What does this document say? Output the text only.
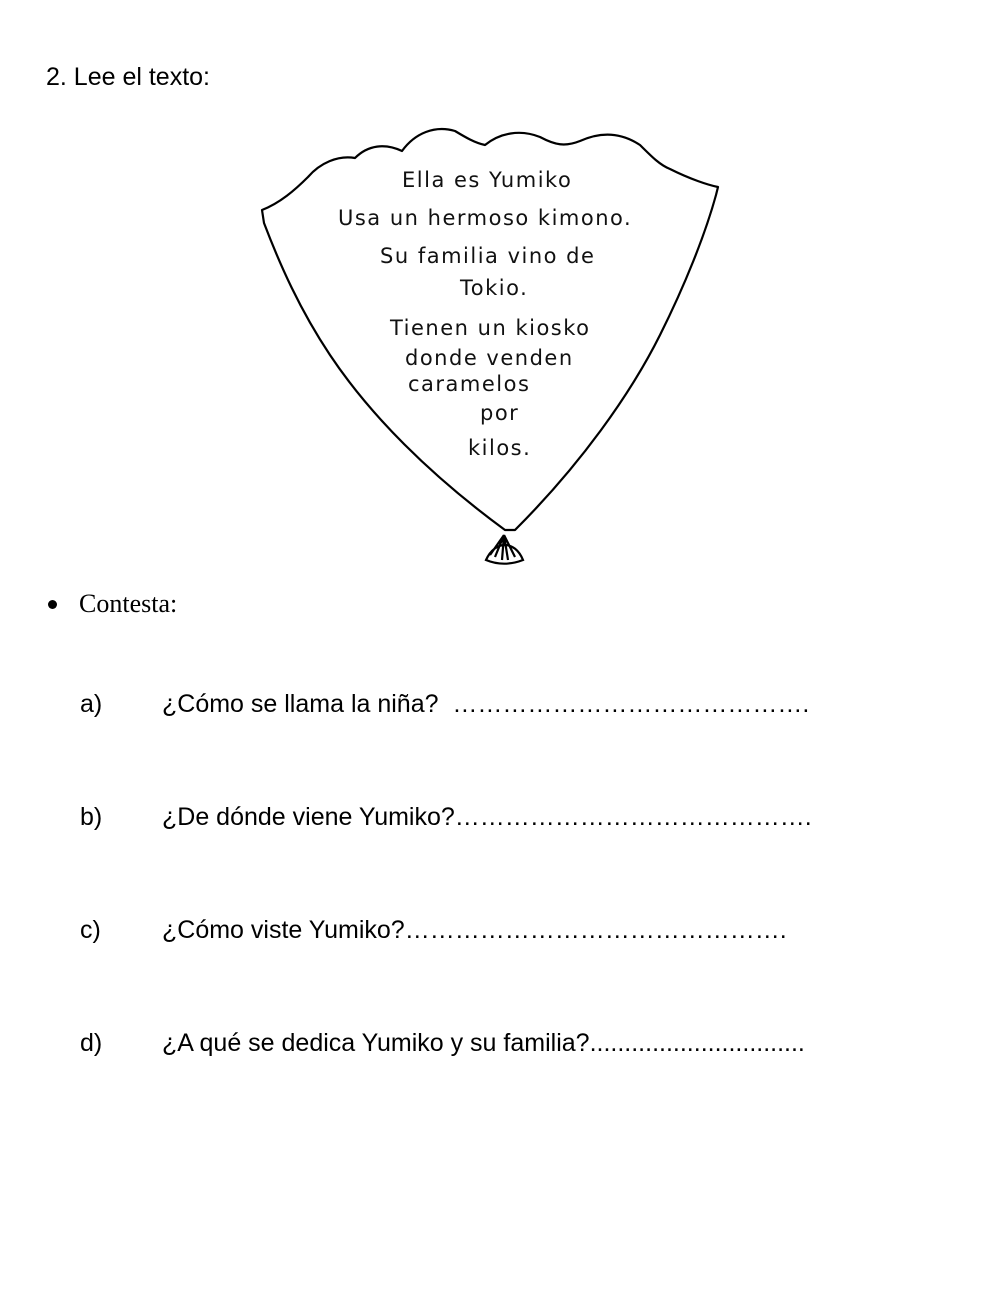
2. Lee el texto:
Ella es Yumiko
Usa un hermoso kimono.
Su familia vino de
Tokio.
Tienen un kiosko
donde venden
caramelos
por
kilos.
Contesta:
a) ¿Cómo se llama la niña?  …………………………………….
b) ¿De dónde viene Yumiko?…………………………………….
c) ¿Cómo viste Yumiko?……………………………………….
d) ¿A qué se dedica Yumiko y su familia?...............................
